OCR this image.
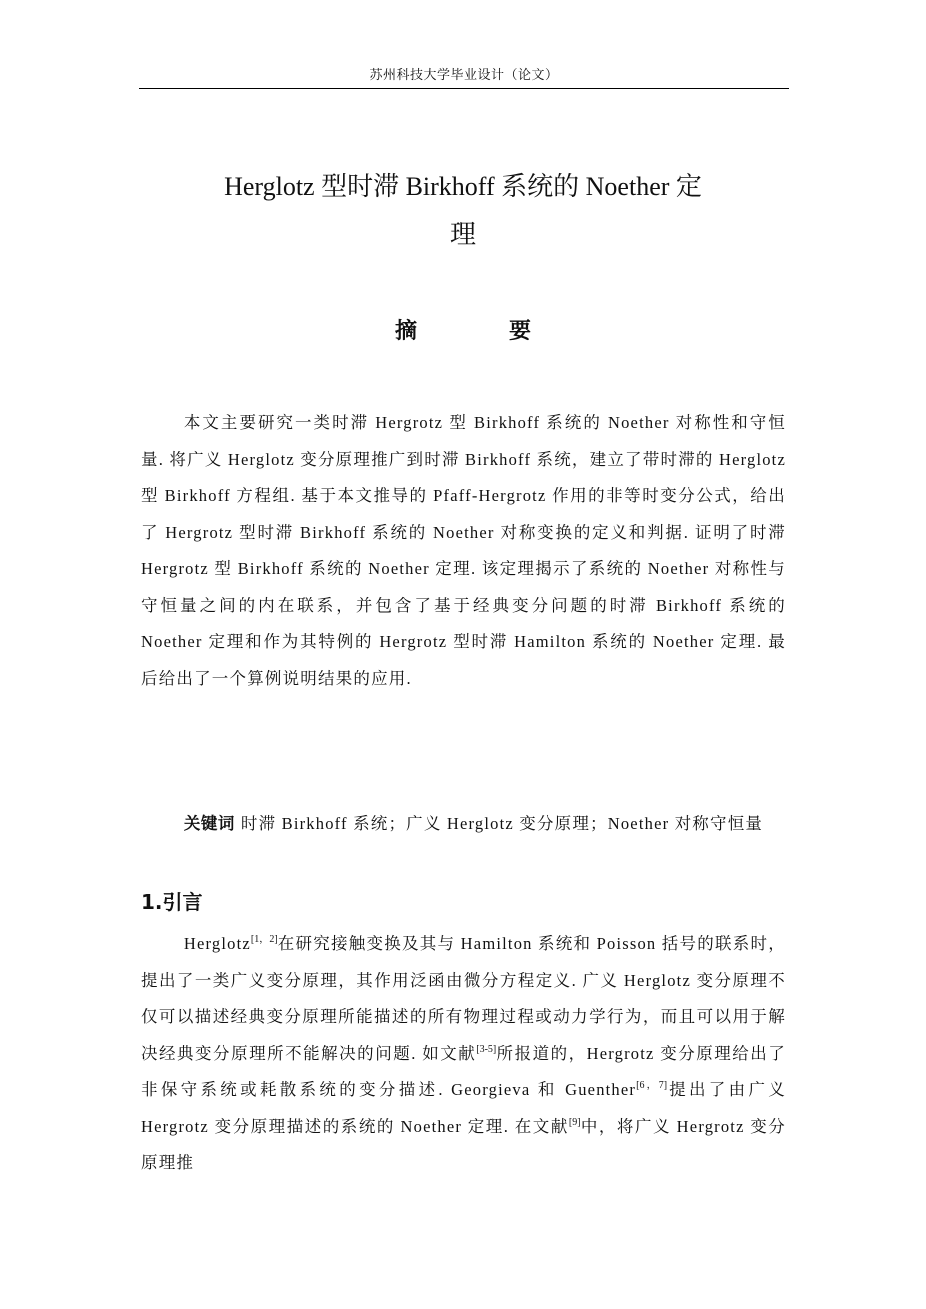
苏州科技大学毕业设计（论文）
Herglotz 型时滞 Birkhoff 系统的 Noether 定
理
摘	要

本文主要研究一类时滞 Hergrotz 型 Birkhoff 系统的 Noether 对称性和守恒量. 将广义 Herglotz 变分原理推广到时滞 Birkhoff 系统，建立了带时滞的 Herglotz 型 Birkhoff 方程组. 基于本文推导的 Pfaff-Hergrotz 作用的非等时变分公式，给出了 Hergrotz 型时滞 Birkhoff 系统的 Noether 对称变换的定义和判据. 证明了时滞 Hergrotz 型 Birkhoff 系统的 Noether 定理. 该定理揭示了系统的 Noether 对称性与守恒量之间的内在联系，并包含了基于经典变分问题的时滞 Birkhoff 系统的 Noether 定理和作为其特例的 Hergrotz 型时滞 Hamilton 系统的 Noether 定理. 最后给出了一个算例说明结果的应用.

关键词 时滞 Birkhoff 系统；广义 Herglotz 变分原理；Noether 对称守恒量

1.引言

Herglotz[1，2]在研究接触变换及其与 Hamilton 系统和 Poisson 括号的联系时，提出了一类广义变分原理，其作用泛函由微分方程定义. 广义 Herglotz 变分原理不仅可以描述经典变分原理所能描述的所有物理过程或动力学行为，而且可以用于解决经典变分原理所不能解决的问题. 如文献[3-5]所报道的，Hergrotz 变分原理给出了非保守系统或耗散系统的变分描述. Georgieva 和 Guenther[6，7]提出了由广义 Hergrotz 变分原理描述的系统的 Noether 定理. 在文献[9]中，将广义 Hergrotz 变分原理推
